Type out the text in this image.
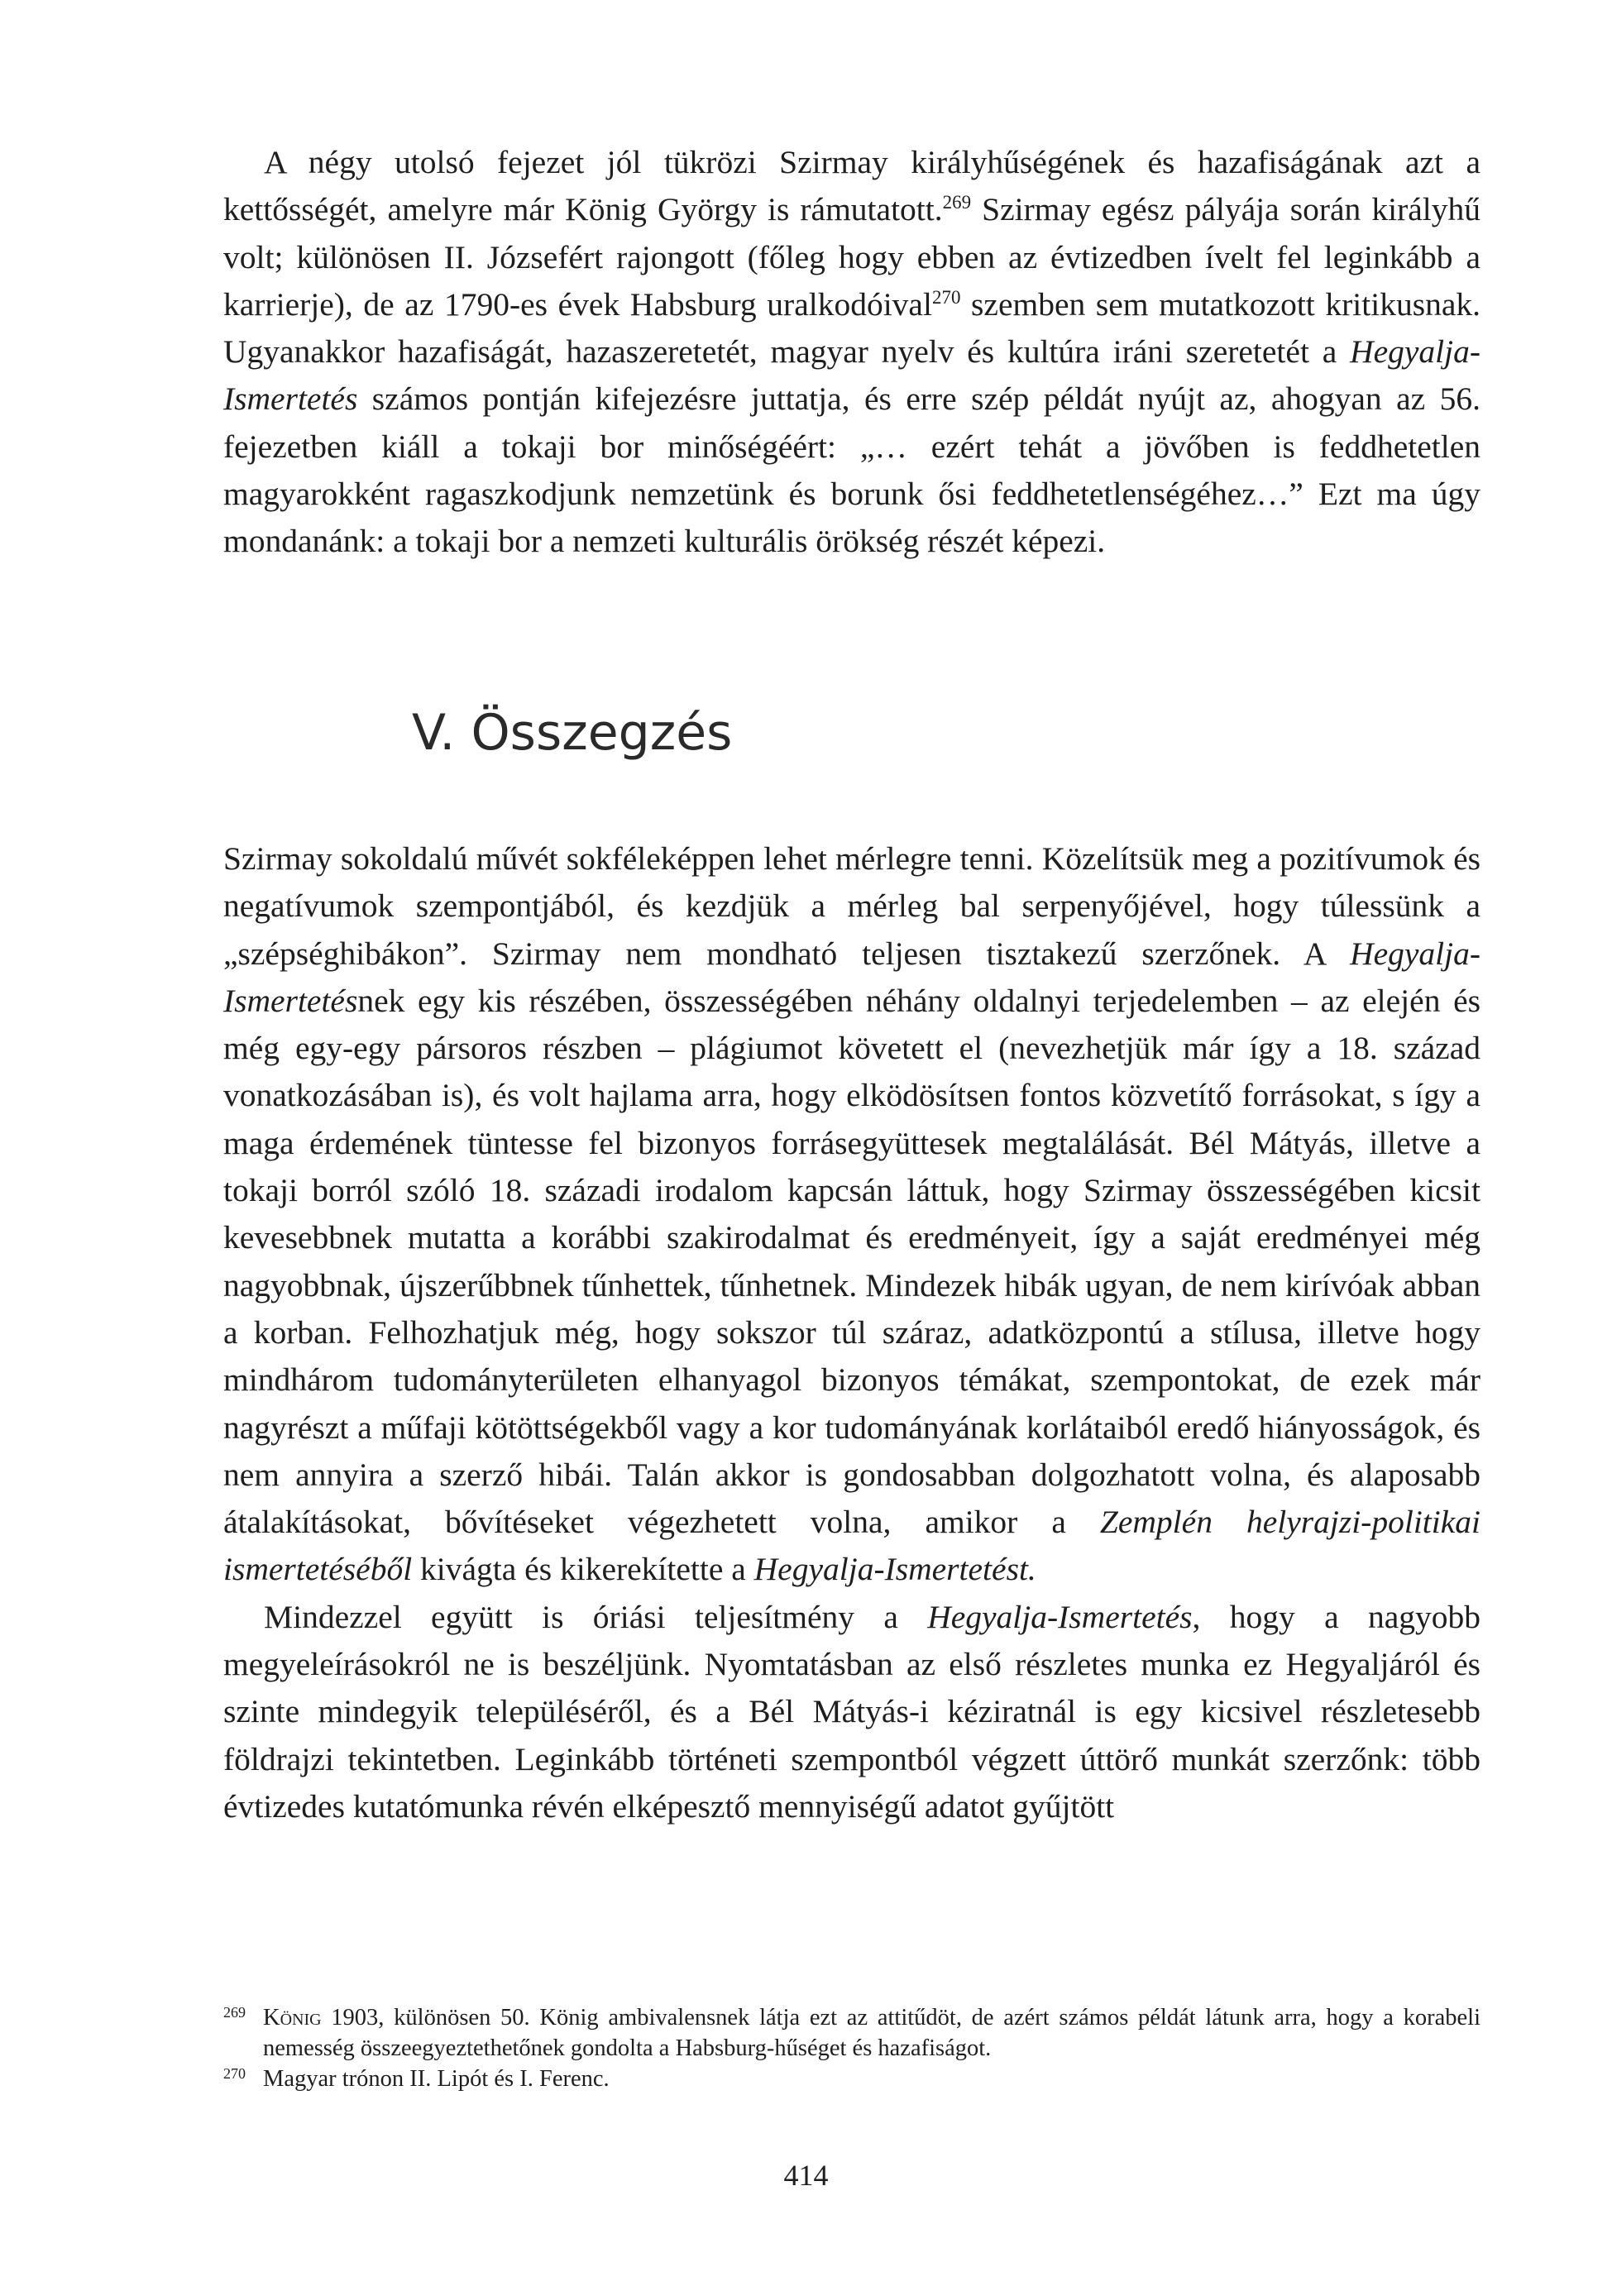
A négy utolsó fejezet jól tükrözi Szirmay királyhűségének és hazafiságának azt a kettősségét, amelyre már König György is rámutatott.$^{269}$ Szirmay egész pályája során királyhű volt; különösen II. Józsefért rajongott (főleg hogy ebben az évtizedben ívelt fel leginkább a karrierje), de az 1790-es évek Habsburg uralkodóival$^{270}$ szemben sem mutatkozott kritikusnak. Ugyanakkor hazafiságát, hazaszeretetét, magyar nyelv és kultúra iráni szeretetét a Hegyalja-Ismertetés számos pontján kifejezésre juttatja, és erre szép példát nyújt az, ahogyan az 56. fejezetben kiáll a tokaji bor minőségéért: „… ezért tehát a jövőben is feddhetetlen magyarokként ragaszkodjunk nemzetünk és borunk ősi feddhetetlenségéhez…” Ezt ma úgy mondanánk: a tokaji bor a nemzeti kulturális örökség részét képezi.

V. Összegzés

Szirmay sokoldalú művét sokféleképpen lehet mérlegre tenni. Közelítsük meg a pozitívumok és negatívumok szempontjából, és kezdjük a mérleg bal serpenyőjével, hogy túlessünk a „szépséghibákon”. Szirmay nem mondható teljesen tisztakezű szerzőnek. A Hegyalja-Ismertetésnek egy kis részében, összességében néhány oldalnyi terjedelemben – az elején és még egy-egy pársoros részben – plágiumot követett el (nevezhetjük már így a 18. század vonatkozásában is), és volt hajlama arra, hogy elködösítsen fontos közvetítő forrásokat, s így a maga érdemének tüntesse fel bizonyos forrásegyüttesek megtalálását. Bél Mátyás, illetve a tokaji borról szóló 18. századi irodalom kapcsán láttuk, hogy Szirmay összességében kicsit kevesebbnek mutatta a korábbi szakirodalmat és eredményeit, így a saját eredményei még nagyobbnak, újszerűbbnek tűnhettek, tűnhetnek. Mindezek hibák ugyan, de nem kirívóak abban a korban. Felhozhatjuk még, hogy sokszor túl száraz, adatközpontú a stílusa, illetve hogy mindhárom tudományterületen elhanyagol bizonyos témákat, szempontokat, de ezek már nagyrészt a műfaji kötöttségekből vagy a kor tudományának korlátaiból eredő hiányosságok, és nem annyira a szerző hibái. Talán akkor is gondosabban dolgozhatott volna, és alaposabb átalakításokat, bővítéseket végezhetett volna, amikor a Zemplén helyrajzi-politikai ismertetéséből kivágta és kikerekítette a Hegyalja-Ismertetést.

Mindezzel együtt is óriási teljesítmény a Hegyalja-Ismertetés, hogy a nagyobb megyeleírásokról ne is beszéljünk. Nyomtatásban az első részletes munka ez Hegyaljáról és szinte mindegyik településéről, és a Bél Mátyás-i kéziratnál is egy kicsivel részletesebb földrajzi tekintetben. Leginkább történeti szempontból végzett úttörő munkát szerzőnk: több évtizedes kutatómunka révén elképesztő mennyiségű adatot gyűjtött

269 König 1903, különösen 50. König ambivalensnek látja ezt az attitűdöt, de azért számos példát látunk arra, hogy a korabeli nemesség összeegyeztethetőnek gondolta a Habsburg-hűséget és hazafiságot.
270 Magyar trónon II. Lipót és I. Ferenc.
414
